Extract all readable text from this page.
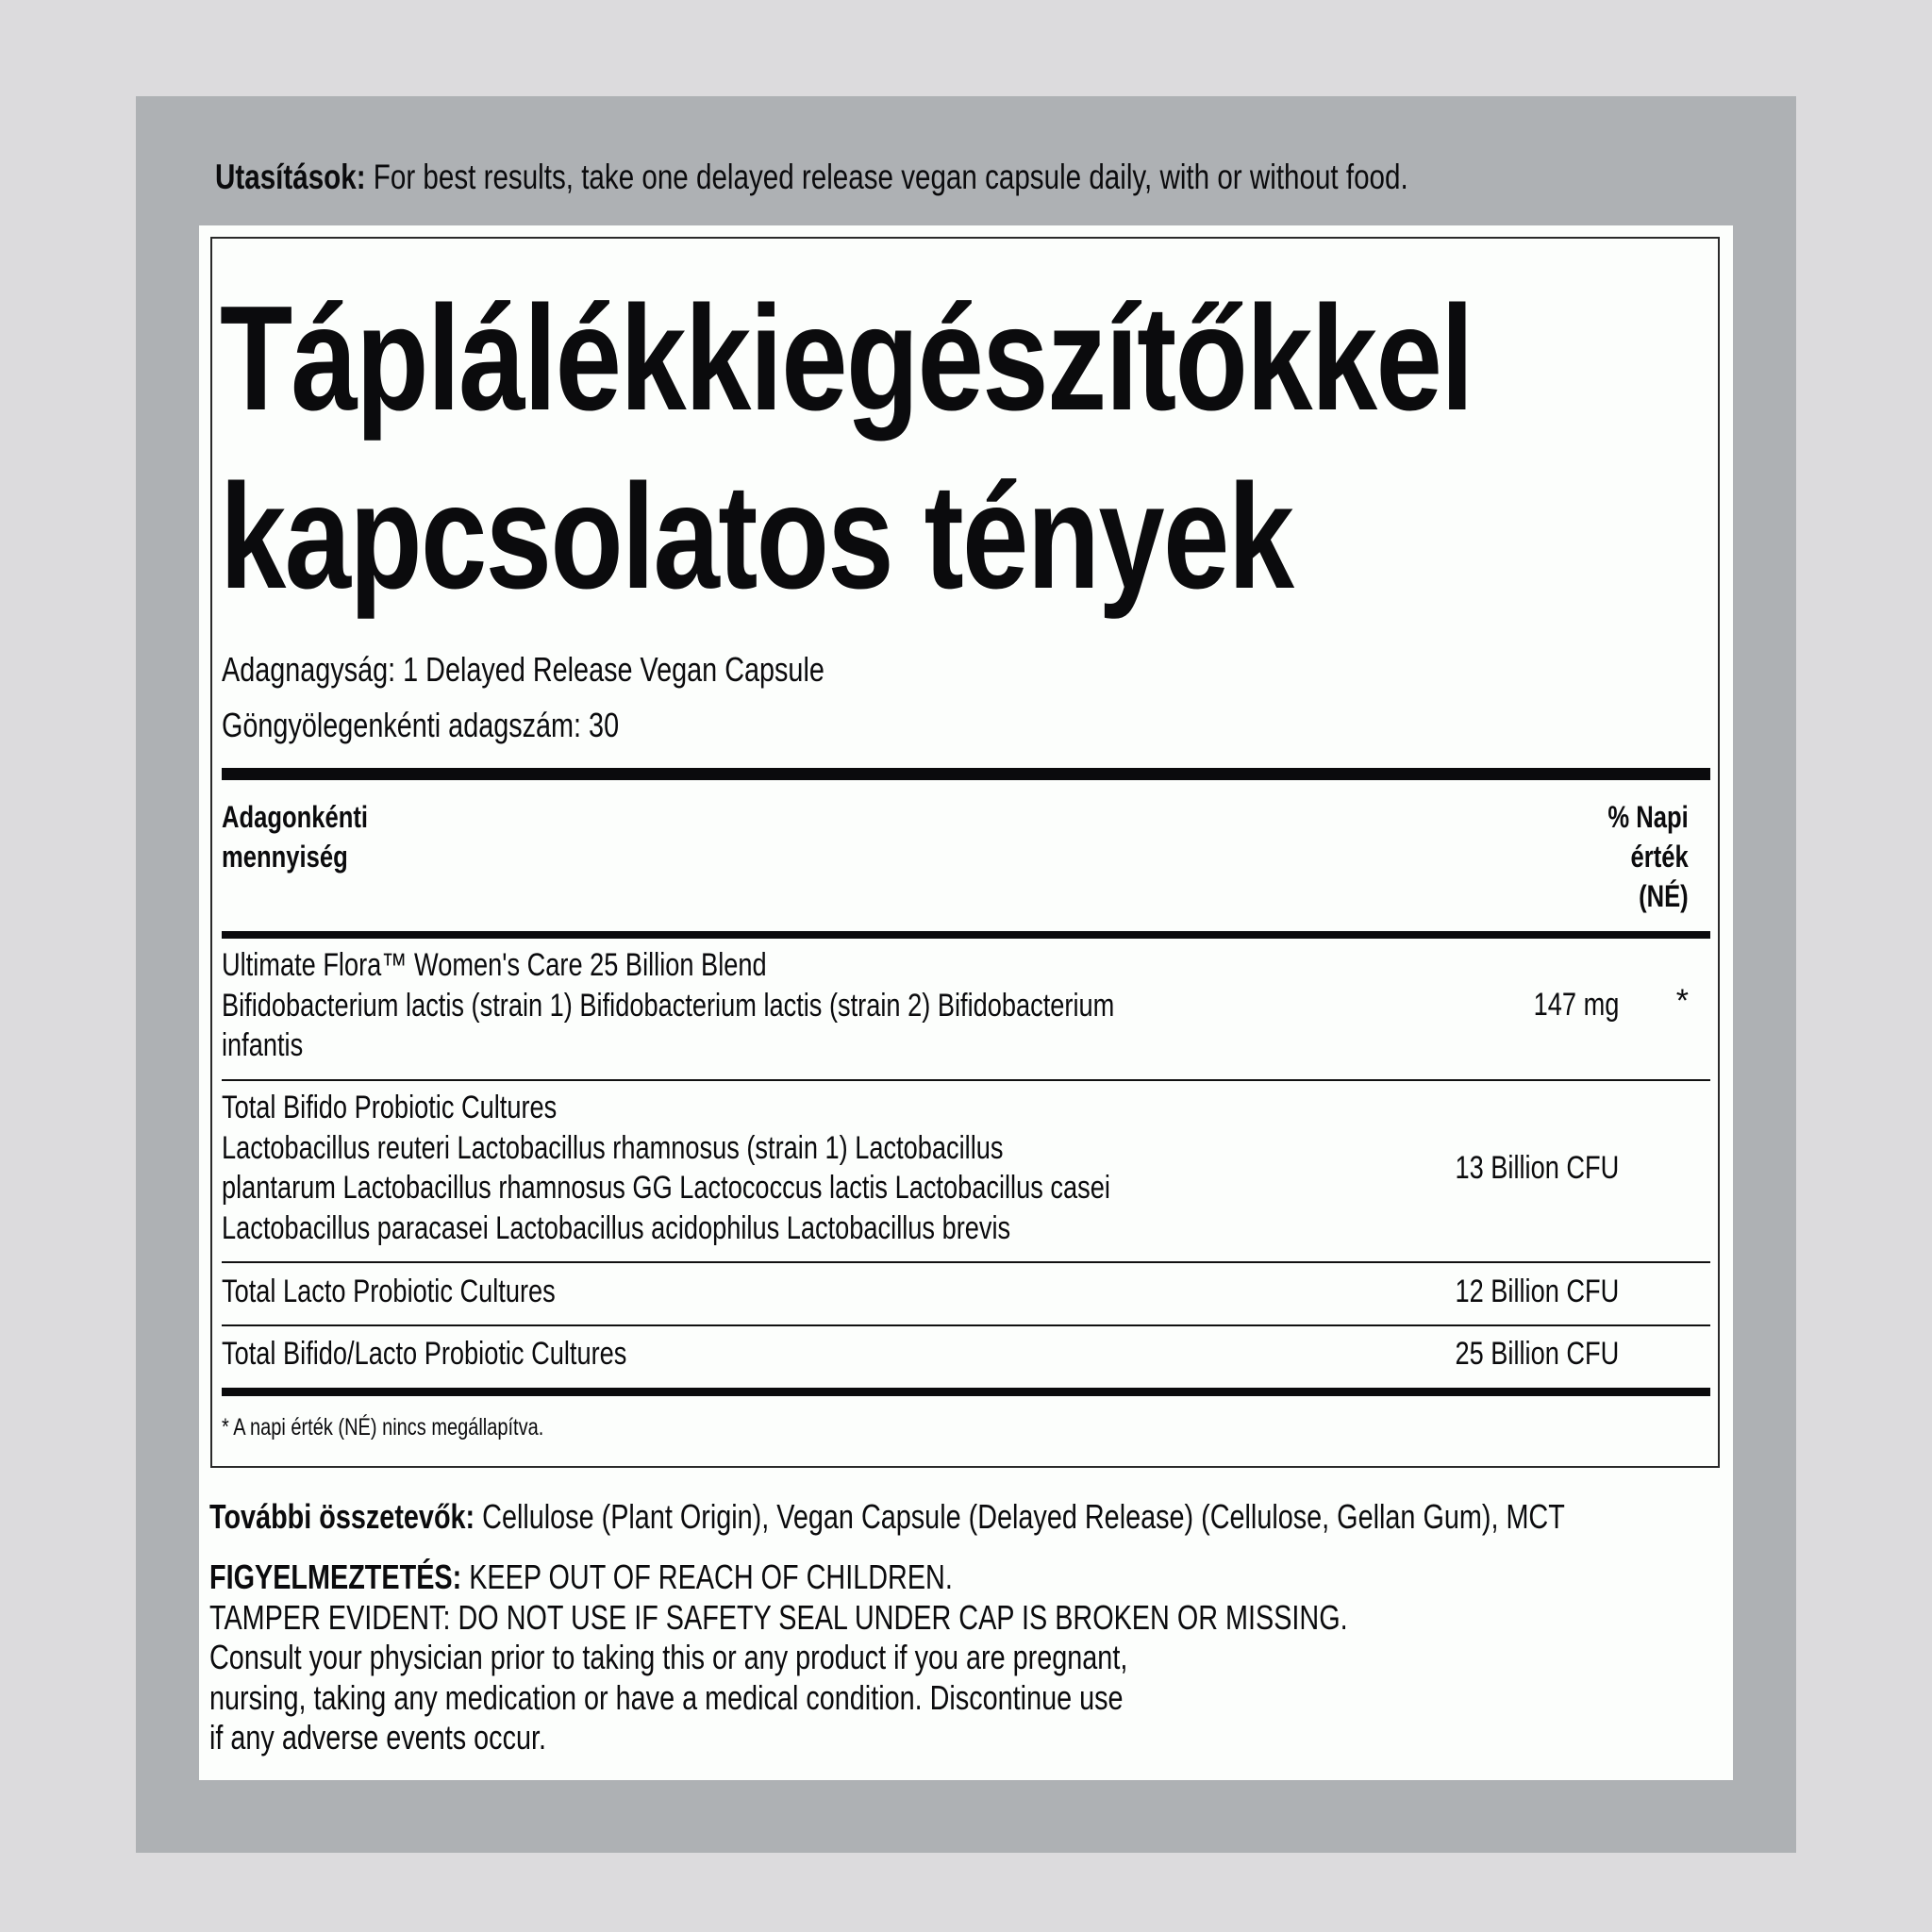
Utasítások: For best results, take one delayed release vegan capsule daily, with or without food.
Táplálékkiegészítőkkel
kapcsolatos tények
Adagnagyság: 1 Delayed Release Vegan Capsule
Göngyölegenkénti adagszám: 30
Adagonkénti
mennyiség
% Napi
érték
(NÉ)
Ultimate Flora™ Women's Care 25 Billion Blend
Bifidobacterium lactis (strain 1) Bifidobacterium lactis (strain 2) Bifidobacterium
infantis
147 mg *
Total Bifido Probiotic Cultures
Lactobacillus reuteri Lactobacillus rhamnosus (strain 1) Lactobacillus
plantarum Lactobacillus rhamnosus GG Lactococcus lactis Lactobacillus casei
Lactobacillus paracasei Lactobacillus acidophilus Lactobacillus brevis
13 Billion CFU
Total Lacto Probiotic Cultures	12 Billion CFU
Total Bifido/Lacto Probiotic Cultures	25 Billion CFU
* A napi érték (NÉ) nincs megállapítva.
További összetevők: Cellulose (Plant Origin), Vegan Capsule (Delayed Release) (Cellulose, Gellan Gum), MCT
FIGYELMEZTETÉS: KEEP OUT OF REACH OF CHILDREN.
TAMPER EVIDENT: DO NOT USE IF SAFETY SEAL UNDER CAP IS BROKEN OR MISSING.
Consult your physician prior to taking this or any product if you are pregnant,
nursing, taking any medication or have a medical condition. Discontinue use
if any adverse events occur.
